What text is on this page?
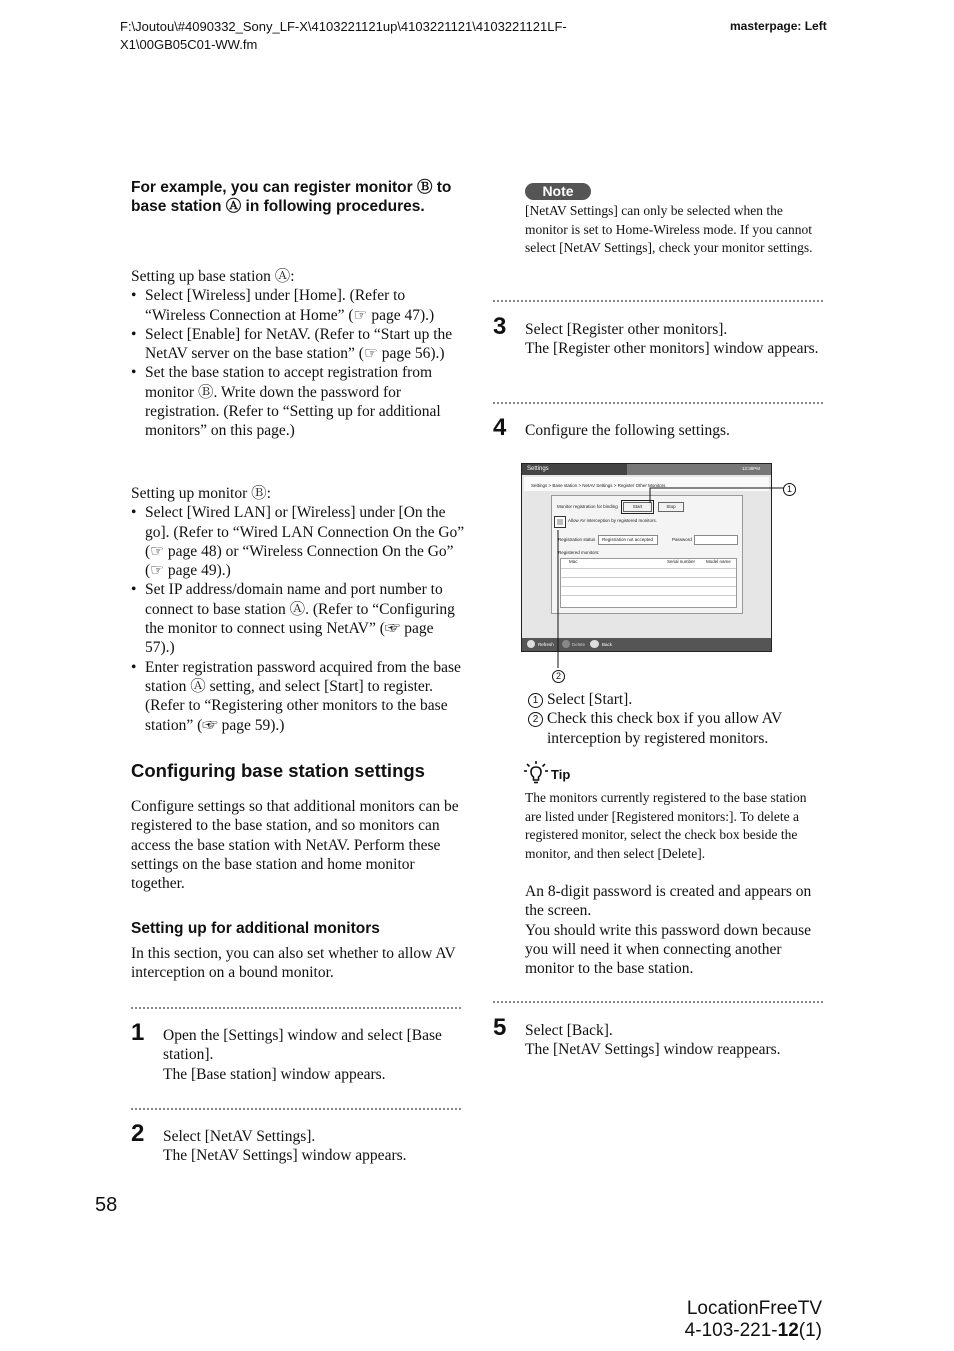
F:\Joutou\#4090332_Sony_LF-X\4103221121up\4103221121\4103221121LF-
X1\00GB05C01-WW.fm
masterpage: Left
For example, you can register monitor Ⓑ to base station Ⓐ in following procedures.
Setting up base station Ⓐ:
• Select [Wireless] under [Home]. (Refer to “Wireless Connection at Home” (☞ page 47).)
• Select [Enable] for NetAV. (Refer to “Start up the NetAV server on the base station” (☞ page 56).)
• Set the base station to accept registration from monitor Ⓑ. Write down the password for registration. (Refer to “Setting up for additional monitors” on this page.)
Setting up monitor Ⓑ:
• Select [Wired LAN] or [Wireless] under [On the go]. (Refer to “Wired LAN Connection On the Go” (☞ page 48) or “Wireless Connection On the Go” (☞ page 49).)
• Set IP address/domain name and port number to connect to base station Ⓐ. (Refer to “Configuring the monitor to connect using NetAV” (☞ page 57).)
• Enter registration password acquired from the base station Ⓐ setting, and select [Start] to register. (Refer to “Registering other monitors to the base station” (☞ page 59).)
Configuring base station settings
Configure settings so that additional monitors can be registered to the base station, and so monitors can access the base station with NetAV. Perform these settings on the base station and home monitor together.
Setting up for additional monitors
In this section, you can also set whether to allow AV interception on a bound monitor.
1 Open the [Settings] window and select [Base station].
The [Base station] window appears.
2 Select [NetAV Settings].
The [NetAV Settings] window appears.
58
Note
[NetAV Settings] can only be selected when the monitor is set to Home-Wireless mode. If you cannot select [NetAV Settings], check your monitor settings.
3 Select [Register other monitors].
The [Register other monitors] window appears.
4 Configure the following settings.
Settings	12:38PM
Settings > Base station > NetAV Settings > Register Other Monitors
Monitor registration for binding	Start	Stop
Allow AV interception by registered monitors.
Registration status	Registration not accepted	Password
Registered monitors:
Mac	Serial number Model name
Refresh	Delete	Back
1
2
1 Select [Start].
2 Check this check box if you allow AV interception by registered monitors.
Tip
The monitors currently registered to the base station are listed under [Registered monitors:]. To delete a registered monitor, select the check box beside the monitor, and then select [Delete].
An 8-digit password is created and appears on the screen.
You should write this password down because you will need it when connecting another monitor to the base station.
5 Select [Back].
The [NetAV Settings] window reappears.
LocationFreeTV
4-103-221-12(1)
